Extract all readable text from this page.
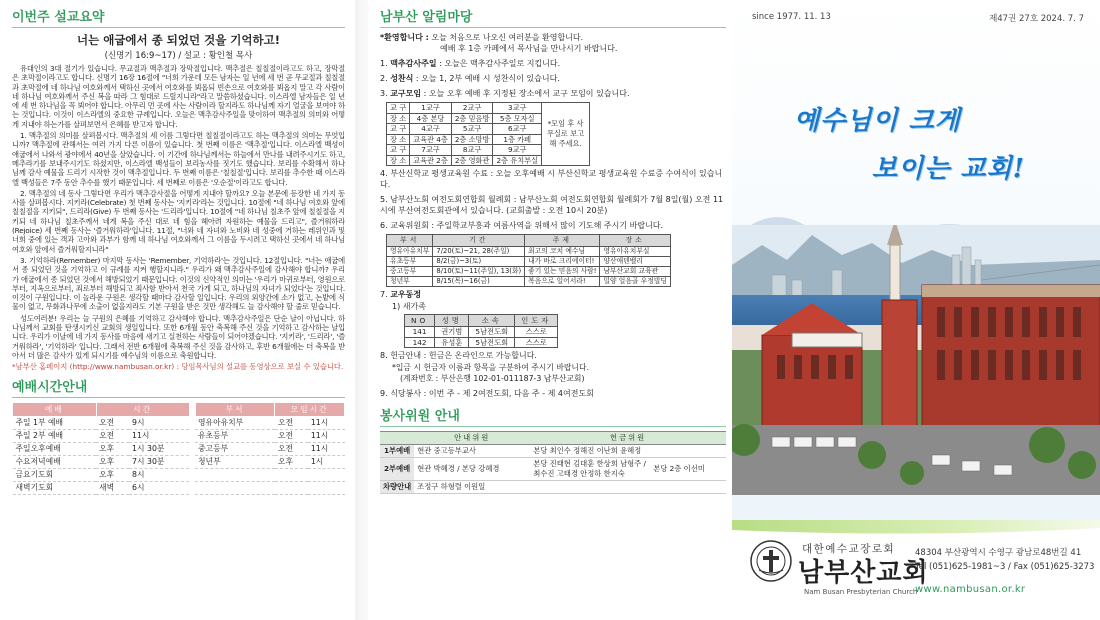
이번주 설교요약
너는 애굽에서 종 되었던 것을 기억하고!
(신명기 16:9~17) / 설교 : 황인철 목사

유대인의 3대 절기가 있습니다. 무교절과 맥추절과 장막절입니다. 맥추절은 칠칠절이라고도 하고, 장막절은 초막절이라고도 합니다. 신명기 16장 16절에 "너희 가운데 모든 남자는 일 년에 세 번 곧 무교절과 칠칠절과 초막절에 네 하나님 여호와께서 택하신 곳에서 여호와를 뵈옵되 빈손으로 여호와를 뵈옵지 말고 각 사람이 네 하나님 여호와께서 주신 복을 따라 그 힘대로 드릴지니라"라고 말씀하셨습니다. 이스라엘 남자들은 일 년에 세 번 하나님을 꼭 뵈어야 합니다. 아무리 먼 곳에 사는 사람이라 할지라도 하나님께 자기 얼굴을 보여야 하는 것입니다. 이것이 이스라엘의 중요한 규례입니다. 오늘은 맥추감사주일을 맞이하여 맥추절의 의미와 어떻게 지내야 하는가를 살펴보면서 은혜를 받고자 합니다.

1. 맥추절의 의미를 살펴봅시다. 맥추절의 세 이름 그렇다면 칠칠절이라고도 하는 맥추절의 의미는 무엇입니까? 맥추절에 관해서는 여러 가지 다른 이름이 있습니다. 첫 번째 이름은 '맥추절'입니다. 이스라엘 백성이 애굽에서 나와서 광야에서 40년을 살았습니다. 이 기간에 하나님께서는 하늘에서 만나를 내려주시기도 하고, 메추라기를 보내주시기도 하셨지만, 이스라엘 백성들이 보리농사를 짓기도 했습니다. 보리를 수확해서 하나님께 감사 예물을 드리기 시작한 것이 맥추절입니다. 두 번째 이름은 '칠칠절'입니다. 보리를 추수한 때 이스라엘 백성들은 7주 동안 추수를 했기 때문입니다. 세 번째로 이름은 '오순절'이라고도 합니다.

2. 맥추절의 네 동사 그렇다면 우리가 맥추감사절을 어떻게 지내야 할까요? 오늘 본문에 등장한 네 가지 동사를 살펴봅시다. 지키라(Celebrate) 첫 번째 동사는 '지키라'라는 것입니다. 10절에 "네 하나님 여호와 앞에 칠칠절을 지키되", 드리라(Give) 두 번째 동사는 '드리라'입니다. 10절에 "네 하나님 칠초주 앞에 칠칠절을 지키되 네 하나님 칠초주께서 네게 복을 주신 대로 네 힘을 헤아려 자원하는 예물을 드리고", 즐거워하라(Rejoice) 세 번째 동사는 '즐거워하라'입니다. 11절, "너와 네 자녀와 노비와 네 성중에 거하는 레위인과 및 너희 중에 있는 객과 고아와 과부가 함께 네 하나님 여호와께서 그 이름을 두시려고 택하신 곳에서 네 하나님 여호와 앞에서 즐거워할지니라"

3. 기억하라(Remember) 마지막 동사는 'Remember, 기억하라'는 것입니다. 12절입니다. "너는 애굽에서 종 되었던 것을 기억하고 이 규례를 지켜 행할지니라." 우리가 왜 맥추감사주일에 감사해야 합니까? 우리가 애굽에서 종 되었던 것에서 해방되었기 때문입니다. 이것의 신약적인 의미는 '우리가 마귀로부터, 영원으로부터, 지옥으로부터, 죄로부터 해방되고 죄사함 받아서 천국 가게 되고, 하나님의 자녀가 되었다'는 것입니다. 이것이 구원입니다. 이 놀라운 구원은 생각할 때마다 감사할 일입니다. 우리의 외양간에 소가 없고, 논밭에 식물이 없고, 무화과나무에 소출이 없을지라도 기본 구원을 받은 것만 생각해도 늘 감사해야 할 줄로 믿습니다.

성도여러분! 우리는 늘 구원의 은혜를 기억하고 감사해야 합니다. 맥추감사주일은 단순 날이 아닙니다. 하나님께서 교회를 탄생시키신 교회의 생일입니다. 또한 6개월 동안 축복해 주신 것을 기억하고 감사하는 날입니다. 우리가 이날에 네 가지 동사를 마음에 새기고 실천하는 사람들이 되어야겠습니다. '지키라', '드리라', '즐거워하라', '기억하라' 입니다. 그래서 전반 6개월에 축복해 주신 것을 감사하고, 후반 6개월에는 더 축복을 받아서 더 많은 감사가 있게 되시기를 예수님의 이름으로 축원합니다.

*남부산 홈페이지 (http://www.nambusan.or.kr) : 당임목사님의 설교를 동영상으로 보실 수 있습니다.
예배시간안내
예배	시간			부서	모임시간	
주일 1부 예배	오전	9시		영유아유치부	오전	11시
주일 2부 예배	오전	11시		유초등부	오전	11시
주일오후예배	오후	1시 30분		중고등부	오전	11시
수요저녁예배	오후	7시 30분		청년부	오후	1시
금요기도회	오후	8시				
새벽기도회	새벽	6시				
남부산 알림마당
*환영합니다 : 오늘 처음으로 나오신 여러분을 환영합니다.
예배 후 1층 카페에서 목사님을 만나시기 바랍니다.
1. 맥추감사주일 : 오늘은 맥추감사주일로 지킵니다.
2. 성찬식 : 오늘 1, 2부 예배 시 성찬식이 있습니다.
3. 교구모임 : 오늘 오후 예배 후 지정된 장소에서 교구 모임이 있습니다.
교 구	1교구	2교구	3교구	*모임 후 사무실로 보고해 주세요.
장 소	4층 본당	2층 믿음방	5층 모자실	
교 구	4교구	5교구	6교구	
장 소	교육관 4층	2층 소망방	1층 카페	
교 구	7교구	8교구	9교구	
장 소	교육관 2층	2층 영화관	2층 유치부실	
4. 부산신학교 평생교육원 수료 : 오늘 오후예배 시 부산신학교 평생교육원 수료증 수여식이 있습니다.
5. 남부산노회 여전도회연합회 월례회 : 남부산노회 여전도회연합회 월례회가 7월 8일(월) 오전 11시에 부산여전도회관에서 있습니다. (교회출발 : 오전 10시 20분)
6. 교육위원회 : 주일학교부흥과 여름사역을 위해서 많이 기도해 주시기 바랍니다.
부서	기간	주제	장소
영유아유치부	7/20(토)~21, 28(주일)	최고의 코치 예수님	영유아유치부실
유초등부	8/2(금)~3(토)	내가 바로 크리에이터!	양산애덴벨리
중고등부	8/10(토)~11(주일), 13(화)	좋기 있는 믿음의 사람!	남부산교회 교육관
청년부	8/15(목)~16(금)	복음으로 일어서라!	밀양 얼음골 우정빌딩
7. 교우동정
1) 새가족
NO	성명	소속	인도자
141	권기범	5남전도회	스스로
142	유성훈	5남전도회	스스로
8. 헌금안내 : 헌금은 온라인으로 가능합니다.
*입금 시 헌금자 이름과 항목을 구분하여 주시기 바랍니다.
(계좌번호 : 부산은행 102-01-011187-3 남부산교회)
9. 식당봉사 : 이번 주 - 제 2여전도회, 다음 주 - 제 4여전도회
봉사위원 안내
	안내위원	헌금위원	
1부예배	현관 중고등부교사	본당 최인수 정해진 이난희 윤혜정	
2부예배	현관 박혜경 / 본당 강혜경	본당 진태현 김대훈 한상희 남형주 / 최수진 고태경 안정하 한지숙	본당 2층 이선미
차량안내	조정구 하형렬 이원일		
since 1977. 11. 13	제47권 27호 2024. 7. 7
예수님이 크게
보이는 교회!
대한예수교장로회
남부산교회
Nam Busan Presbyterian Church
48304 부산광역시 수영구 광남로48번길 41
Tel (051)625-1981~3 / Fax (051)625-3273
www.nambusan.or.kr
